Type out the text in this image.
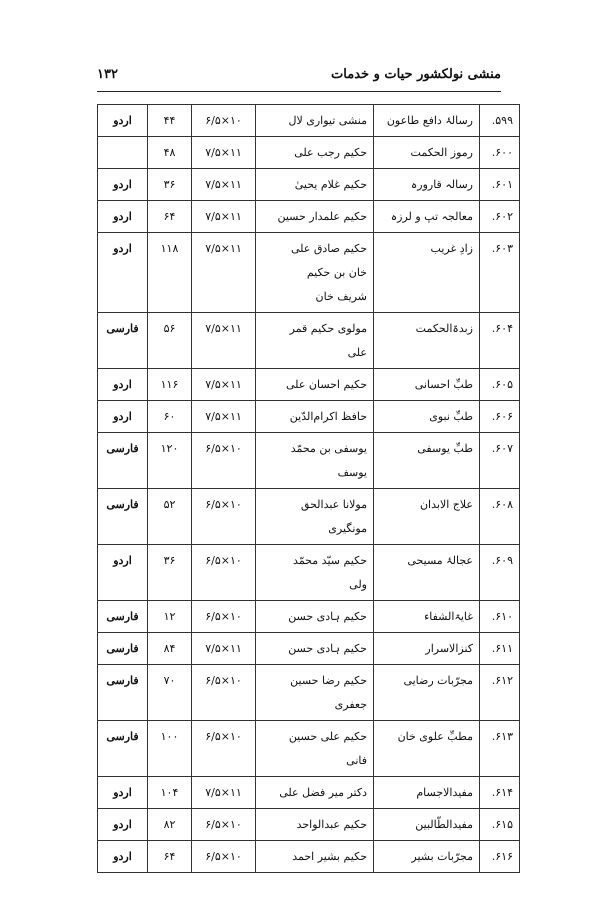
منشی نولکشور حیات و خدمات
۱۳۲
۵۹۹.	رسالۂ دافع طاعون	منشی تیواری لال	۱۰×۶/۵	۴۴	اردو
۶۰۰.	رموز الحکمت	حکیم رجب علی	۱۱×۷/۵	۴۸	
۶۰۱.	رسالہ قارورہ	حکیم غلام یحییٰ	۱۱×۷/۵	۳۶	اردو
۶۰۲.	معالجہ تپ و لرزہ	حکیم علمدار حسین	۱۱×۷/۵	۶۴	اردو
۶۰۳.	زادِ غریب	حکیم صادق علی
خان بن حکیم
شریف خان	۱۱×۷/۵	۱۱۸	اردو
۶۰۴.	زبدۃالحکمت	مولوی حکیم قمر
علی	۱۱×۷/۵	۵۶	فارسی
۶۰۵.	طبِّ احسانی	حکیم احسان علی	۱۱×۷/۵	۱۱۶	اردو
۶۰۶.	طبِّ نبوی	حافظ اکرام‌الدّین	۱۱×۷/۵	۶۰	اردو
۶۰۷.	طبِّ یوسفی	یوسفی بن محمّد
یوسف	۱۰×۶/۵	۱۲۰	فارسی
۶۰۸.	علاج الابدان	مولانا عبدالحق
مونگیری	۱۰×۶/۵	۵۲	فارسی
۶۰۹.	عجالۂ مسیحی	حکیم سیّد محمّد
ولی	۱۰×۶/۵	۳۶	اردو
۶۱۰.	غایۃالشفاء	حکیم ہادی حسن	۱۰×۶/۵	۱۲	فارسی
۶۱۱.	کنزالاسرار	حکیم ہادی حسن	۱۱×۷/۵	۸۴	فارسی
۶۱۲.	مجرّبات رضایی	حکیم رضا حسین
جعفری	۱۰×۶/۵	۷۰	فارسی
۶۱۳.	مطبِّ علوی خان	حکیم علی حسین
فانی	۱۰×۶/۵	۱۰۰	فارسی
۶۱۴.	مفیدالاجسام	دکتر میر فضل علی	۱۱×۷/۵	۱۰۴	اردو
۶۱۵.	مفیدالطّالبین	حکیم عبدالواحد	۱۰×۶/۵	۸۲	اردو
۶۱۶.	مجرّبات بشیر	حکیم بشیر احمد	۱۰×۶/۵	۶۴	اردو
